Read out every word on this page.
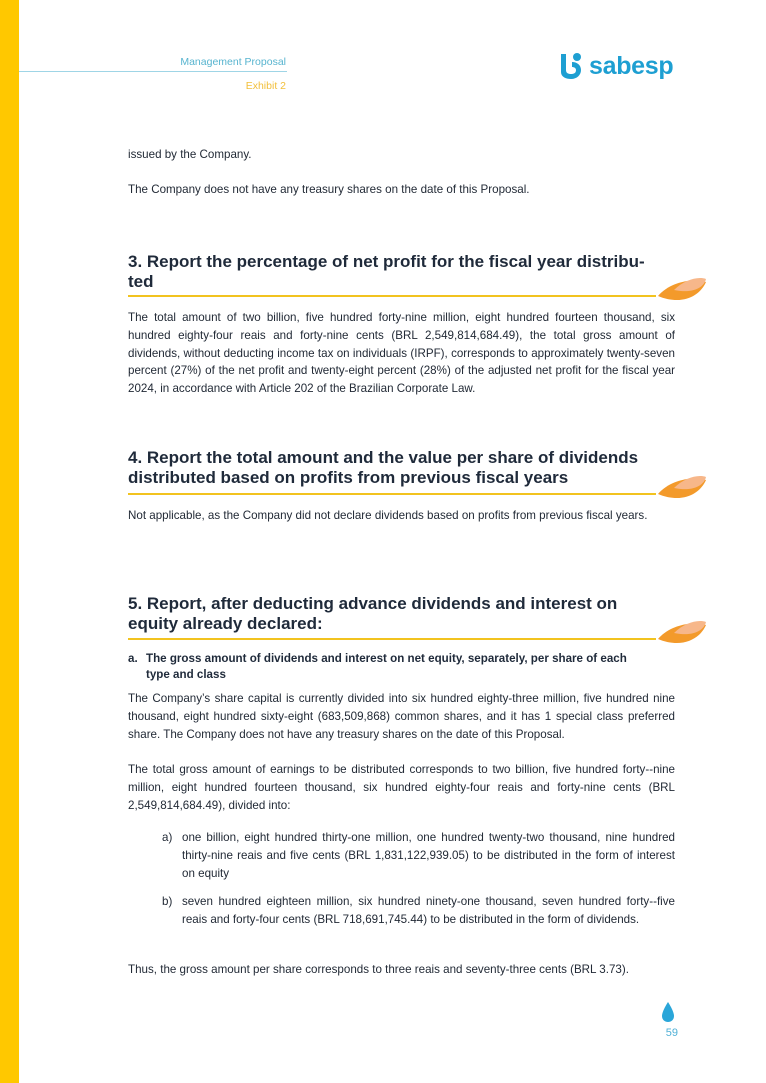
Management Proposal
Exhibit 2
sabesp
issued by the Company.
The Company does not have any treasury shares on the date of this Proposal.
3. Report the percentage of net profit for the fiscal year distribu-
ted
The total amount of two billion, five hundred forty-nine million, eight hundred fourteen thousand, six hundred eighty-four reais and forty-nine cents (BRL 2,549,814,684.49), the total gross amount of dividends, without deducting income tax on individuals (IRPF), corresponds to approximately twenty-seven percent (27%) of the net profit and twenty-eight percent (28%) of the adjusted net profit for the fiscal year 2024, in accordance with Article 202 of the Brazilian Corporate Law.
4. Report the total amount and the value per share of dividends
distributed based on profits from previous fiscal years
Not applicable, as the Company did not declare dividends based on profits from previous fiscal years.
5. Report, after deducting advance dividends and interest on
equity already declared:
a. The gross amount of dividends and interest on net equity, separately, per share of each
type and class
The Company’s share capital is currently divided into six hundred eighty-three million, five hundred nine thousand, eight hundred sixty-eight (683,509,868) common shares, and it has 1 special class preferred share. The Company does not have any treasury shares on the date of this Proposal.
The total gross amount of earnings to be distributed corresponds to two billion, five hundred forty--nine million, eight hundred fourteen thousand, six hundred eighty-four reais and forty-nine cents (BRL 2,549,814,684.49), divided into:
a) one billion, eight hundred thirty-one million, one hundred twenty-two thousand, nine hundred thirty-nine reais and five cents (BRL 1,831,122,939.05) to be distributed in the form of interest on equity
b) seven hundred eighteen million, six hundred ninety-one thousand, seven hundred forty--five reais and forty-four cents (BRL 718,691,745.44) to be distributed in the form of dividends.
Thus, the gross amount per share corresponds to three reais and seventy-three cents (BRL 3.73).
59
